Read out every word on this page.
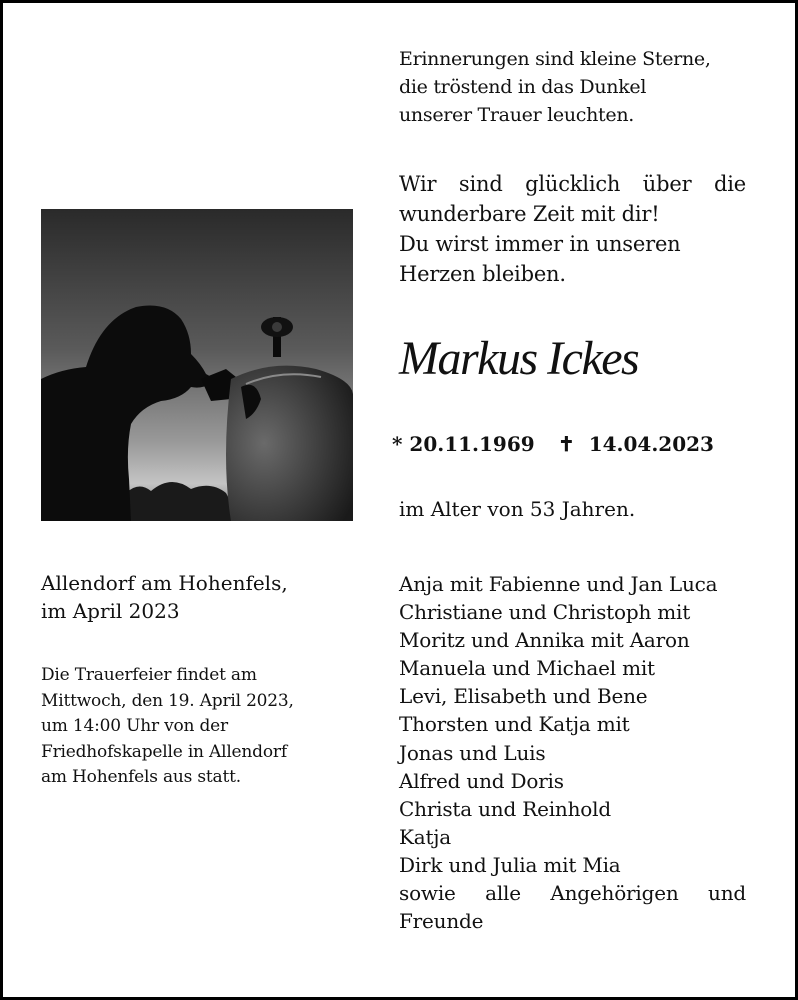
Erinnerungen sind kleine Sterne,
die tröstend in das Dunkel
unserer Trauer leuchten.
Wir sind glücklich über die
wunderbare Zeit mit dir!
Du wirst immer in unseren
Herzen bleiben.
Markus Ickes
* 20.11.1969 ✝ 14.04.2023
im Alter von 53 Jahren.
Allendorf am Hohenfels,
im April 2023
Die Trauerfeier findet am
Mittwoch, den 19. April 2023,
um 14:00 Uhr von der
Friedhofskapelle in Allendorf
am Hohenfels aus statt.
Anja mit Fabienne und Jan Luca
Christiane und Christoph mit
Moritz und Annika mit Aaron
Manuela und Michael mit
Levi, Elisabeth und Bene
Thorsten und Katja mit
Jonas und Luis
Alfred und Doris
Christa und Reinhold
Katja
Dirk und Julia mit Mia
sowie alle Angehörigen und
Freunde
